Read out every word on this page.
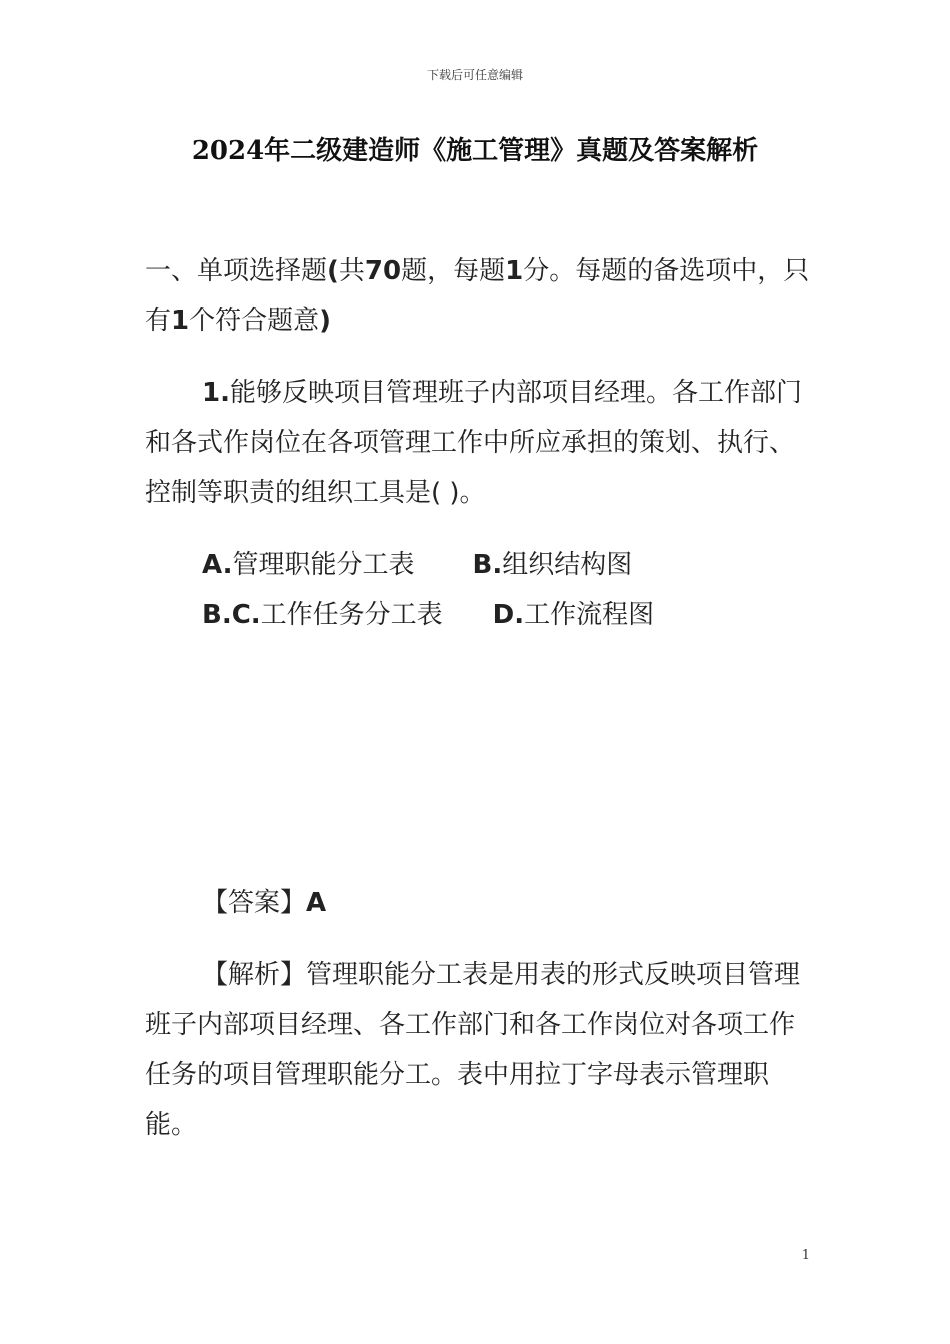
下载后可任意编辑
2024年二级建造师《施工管理》真题及答案解析

一、单项选择题(共70题，每题1分。每题的备选项中，只有1个符合题意)

1.能够反映项目管理班子内部项目经理。各工作部门和各式作岗位在各项管理工作中所应承担的策划、执行、控制等职责的组织工具是( )。

A.管理职能分工表 B.组织结构图
B.C.工作任务分工表 D.工作流程图

【答案】A

【解析】管理职能分工表是用表的形式反映项目管理班子内部项目经理、各工作部门和各工作岗位对各项工作任务的项目管理职能分工。表中用拉丁字母表示管理职能。

1
